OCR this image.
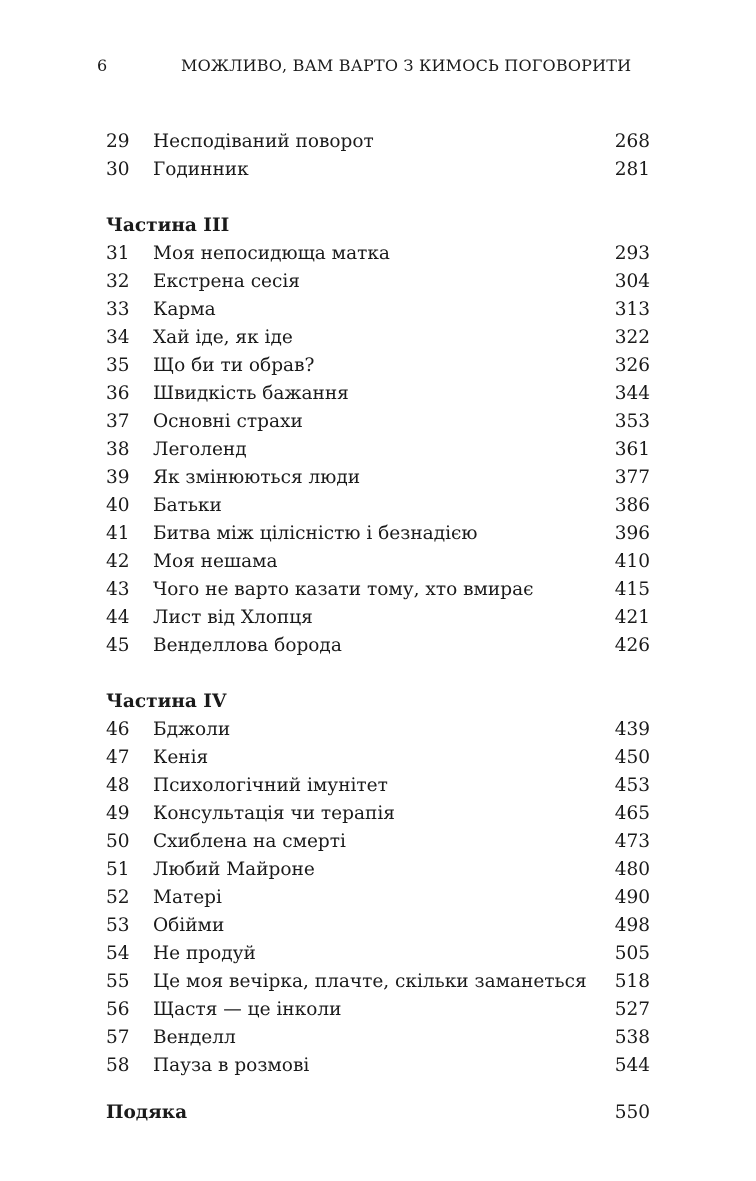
6	МОЖЛИВО, ВАМ ВАРТО З КИМОСЬ ПОГОВОРИТИ
29 Несподіваний поворот	268
30 Годинник	281
Частина III
31 Моя непосидюща матка	293
32 Екстрена сесія	304
33 Карма	313
34 Хай іде, як іде	322
35 Що би ти обрав?	326
36 Швидкість бажання	344
37 Основні страхи	353
38 Леголенд	361
39 Як змінюються люди	377
40 Батьки	386
41 Битва між цілісністю і безнадією	396
42 Моя нешама	410
43 Чого не варто казати тому, хто вмирає	415
44 Лист від Хлопця	421
45 Венделлова борода	426
Частина IV
46 Бджоли	439
47 Кенія	450
48 Психологічний імунітет	453
49 Консультація чи терапія	465
50 Схиблена на смерті	473
51 Любий Майроне	480
52 Матері	490
53 Обійми	498
54 Не продуй	505
55 Це моя вечірка, плачте, скільки заманеться 518
56 Щастя — це інколи	527
57 Венделл	538
58 Пауза в розмові	544
Подяка	550
